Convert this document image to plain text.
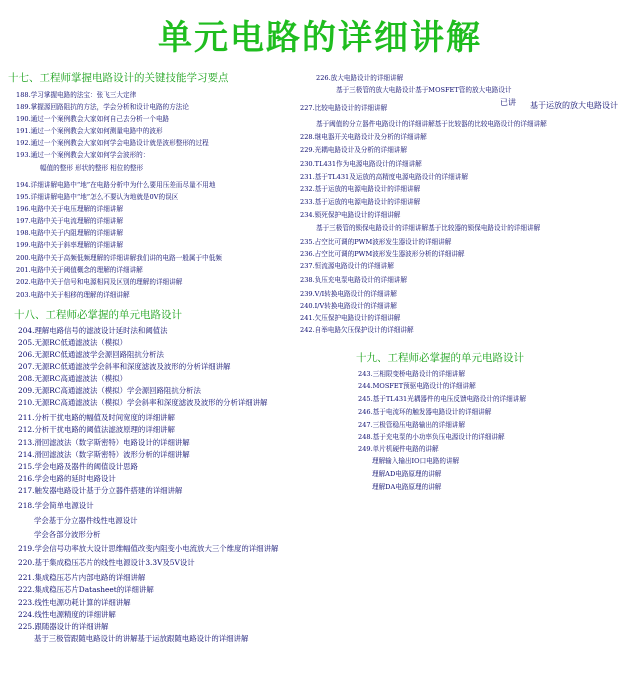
单元电路的详细讲解
十七、工程师掌握电路设计的关键技能学习要点
188.学习掌握电路的法宝：张飞三大定律
189.掌握源回路阻抗的方法，学会分析和设计电路的方法论
190.通过一个案例教会大家如何自己去分析一个电路
191.通过一个案例教会大家如何测量电路中的波形
192.通过一个案例教会大家如何学会电路设计就是波形整形的过程
193.通过一个案例教会大家如何学会波形的：
幅值的整形 形状的整形 相位的整形
194.详细讲解电路中“地”在电路分析中为什么要用压差而尽量不用地
195.详细讲解电路中“地”怎么不要认为地就是0V的误区
196.电路中关于电压理解的详细讲解
197.电路中关于电流理解的详细讲解
198.电路中关于内阻理解的详细讲解
199.电路中关于斜率理解的详细讲解
200.电路中关于高频低频理解的详细讲解我们讲的电路一般属于中低频
201.电路中关于阈值概念的理解的详细讲解
202.电路中关于信号和电源相同及区别的理解的详细讲解
203.电路中关于相移的理解的详细讲解
十八、工程师必掌握的单元电路设计
204.理解电路信号的滤波设计延时法和阈值法
205.无源RC低通滤波法（模拟）
206.无源RC低通滤波学会源回路阻抗分析法
207.无源RC低通滤波学会斜率和深度滤波及波形的分析详细讲解
208.无源RC高通滤波法（模拟）
209.无源RC高通滤波法（模拟）学会源回路阻抗分析法
210.无源RC高通滤波法（模拟）学会斜率和深度滤波及波形的分析详细讲解
211.分析干扰电路的幅值及时间宽度的详细讲解
212.分析干扰电路的阈值法滤波原理的详细讲解
213.滑回滤波法（数字斯密特）电路设计的详细讲解
214.滑回滤波法（数字斯密特）波形分析的详细讲解
215.学会电路及器件的阈值设计思路
216.学会电路的延时电路设计
217.触发器电路设计基于分立器件搭建的详细讲解
218.学会简单电源设计
学会基于分立器件线性电源设计
学会各部分波形分析
219.学会信号功率放大设计思维幅值改变内阻变小电流放大三个维度的详细讲解
220.基于集成稳压芯片的线性电源设计3.3V及5V设计
221.集成稳压芯片内部电路的详细讲解
222.集成稳压芯片Datasheet的详细讲解
223.线性电源功耗计算的详细讲解
224.线性电源精度的详细讲解
225.跟随器设计的详细讲解
基于三极管跟随电路设计的讲解基于运放跟随电路设计的详细讲解
226.放大电路设计的详细讲解
基于三极管的放大电路设计基于MOSFET管的放大电路设计
已讲
227.比较电路设计的详细讲解	基于运放的放大电路设计
基于阈值的分立器件电路设计的详细讲解基于比较器的比较电路设计的详细讲解
228.继电器开关电路设计及分析的详细讲解
229.光耦电路设计及分析的详细讲解
230.TL431作为电源电路设计的详细讲解
231.基于TL431及运放的高精度电源电路设计的详细讲解
232.基于运放的电源电路设计的详细讲解
233.基于运放的电源电路设计的详细讲解
234.锁死保护电路设计的详细讲解
基于三极管的锁保电路设计的详细讲解基于比较器的锁保电路设计的详细讲解
235.占空比可调的PWM波形发生器设计的详细讲解
236.占空比可调的PWM波形发生器波形分析的详细讲解
237.恒流源电路设计的详细讲解
238.负压充电泵电路设计的详细讲解
239.V/I转换电路设计的详细讲解
240.I/V转换电路设计的详细讲解
241.欠压保护电路设计的详细讲解
242.自举电路欠压保护设计的详细讲解
十九、工程师必掌握的单元电路设计
243.三相限变桥电路设计的详细讲解
244.MOSFET预驱电路设计的详细讲解
245.基于TL431光耦器件的电压反馈电路设计的详细讲解
246.基于电流环的触发器电路设计的详细讲解
247.三极管稳压电路输出的详细讲解
248.基于充电泵的小功率负压电源设计的详细讲解
249.单片机硬件电路的讲解
理解输入输出IO口电路的讲解
理解AD电路原理的讲解
理解DA电路原理的讲解
